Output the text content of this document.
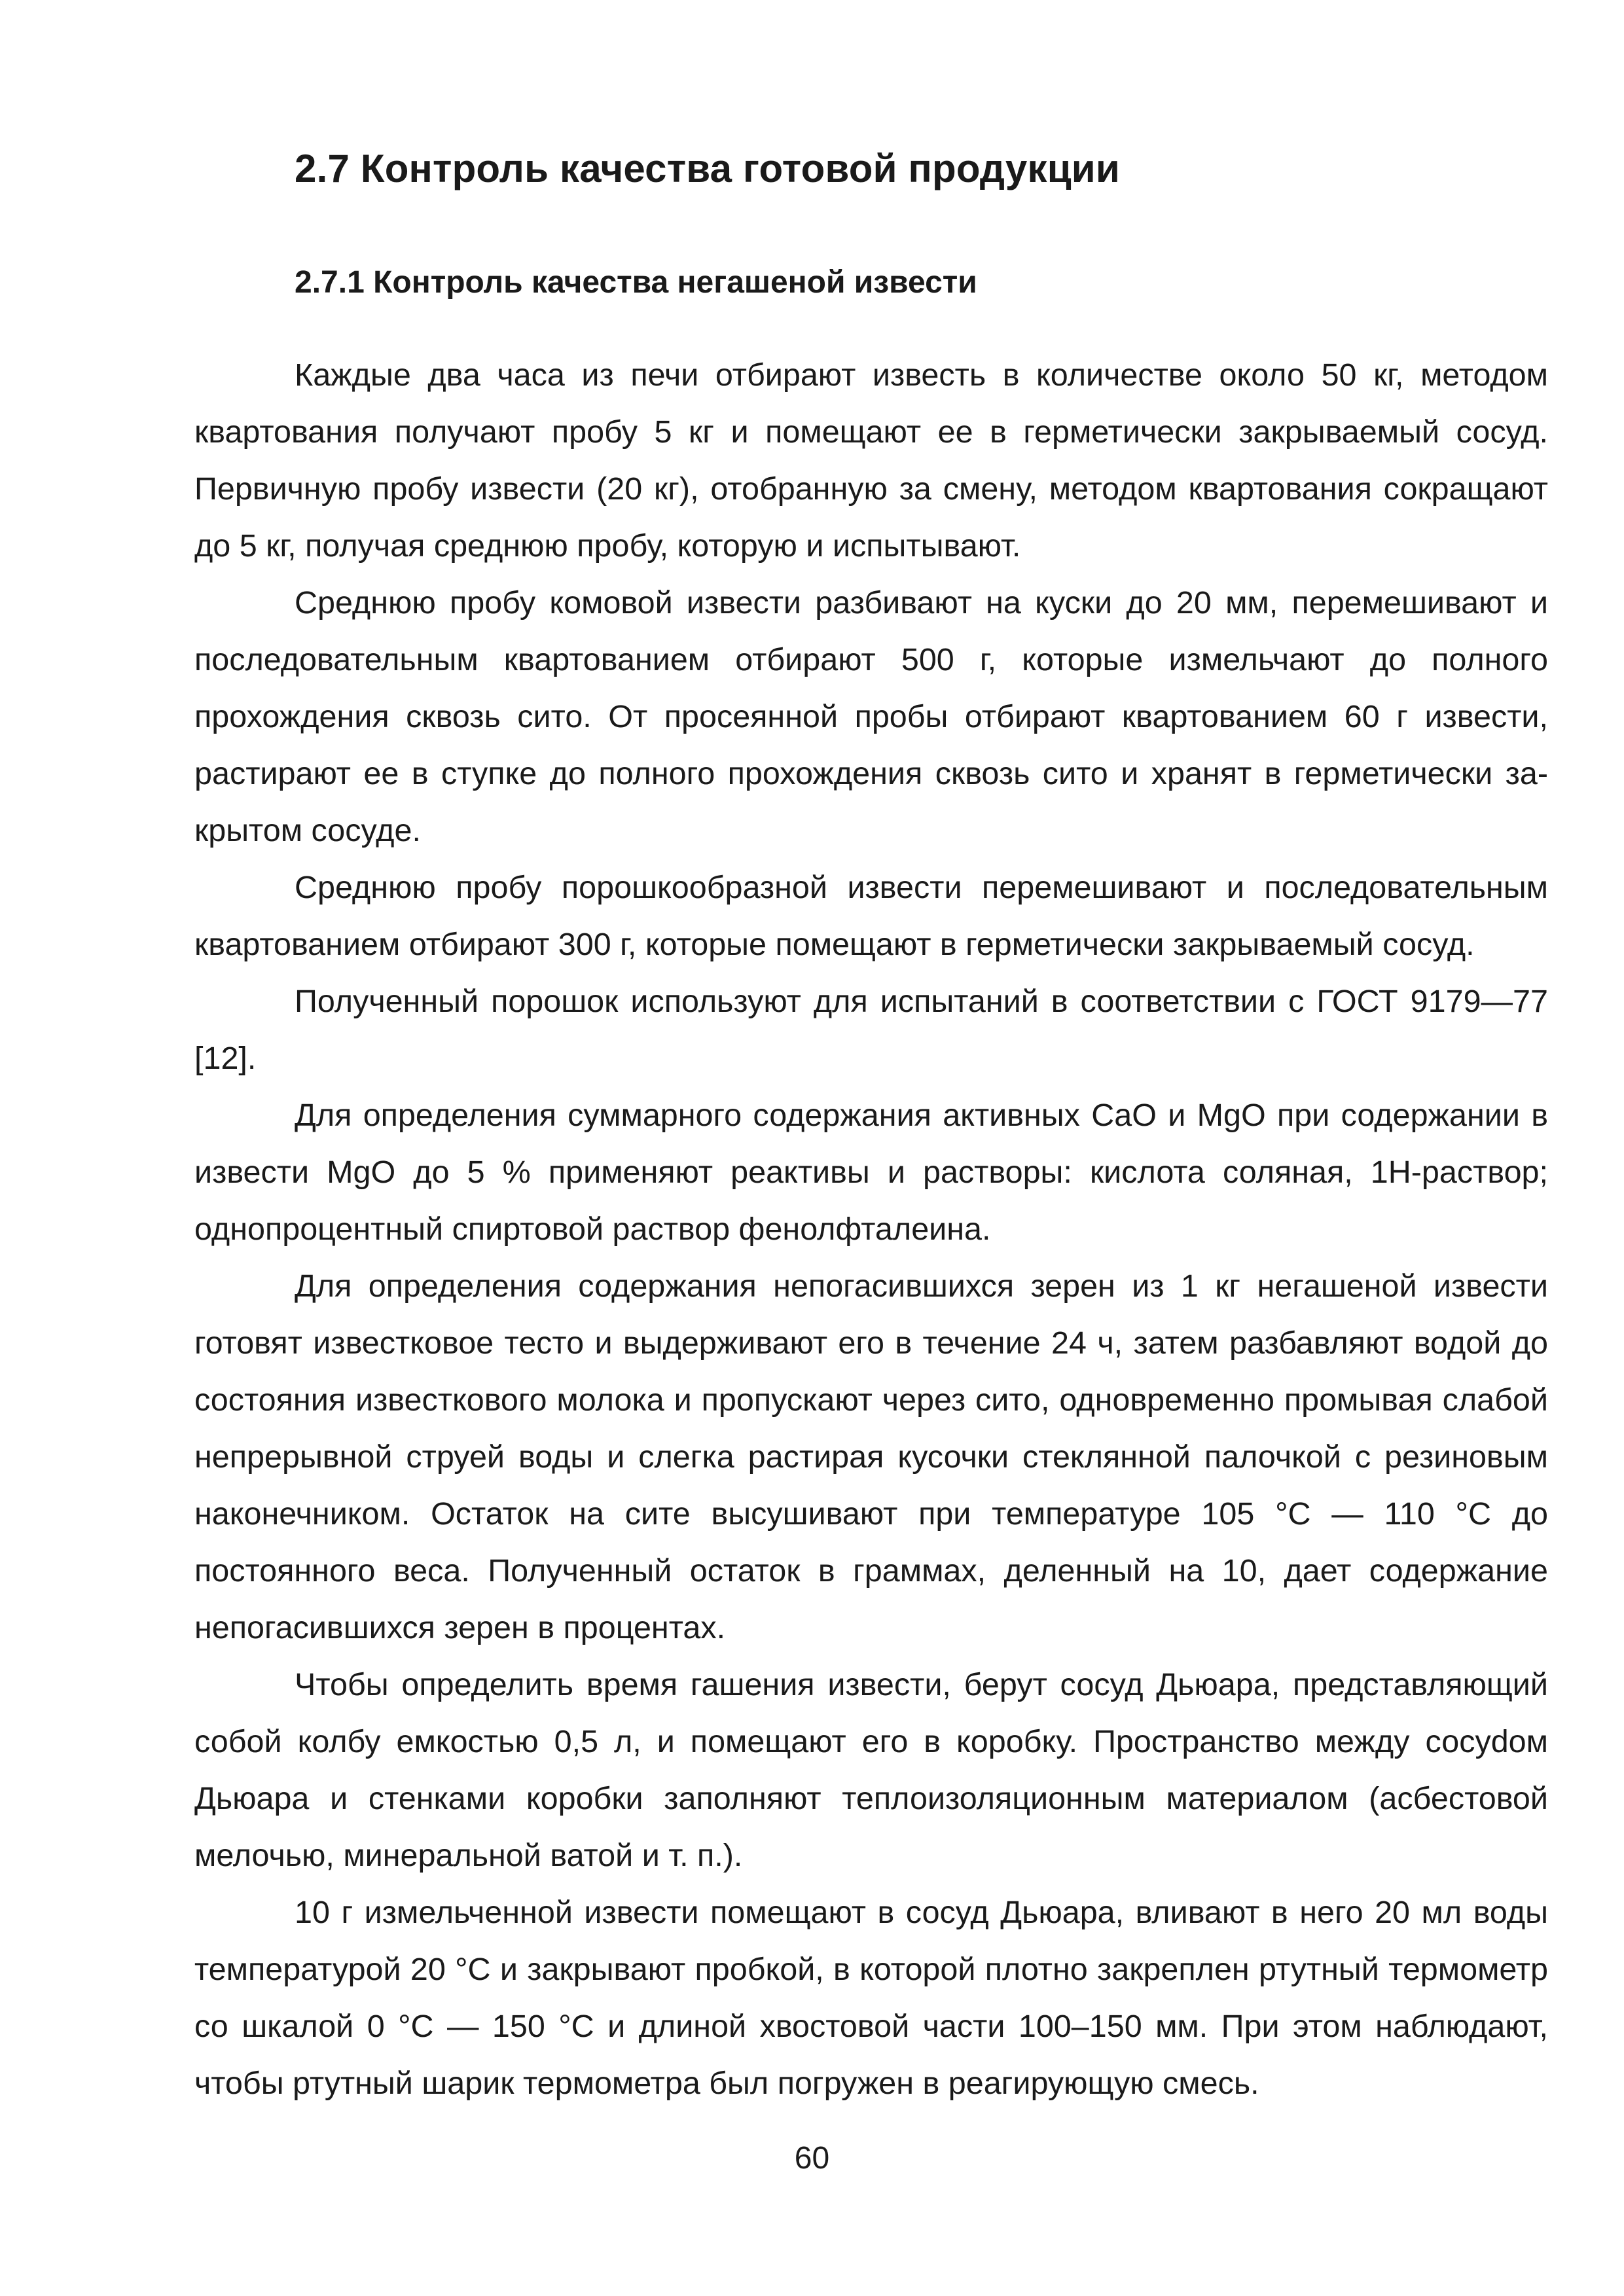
2.7 Контроль качества готовой продукции
2.7.1 Контроль качества негашеной извести

Каждые два часа из печи отбирают известь в количестве около 50 кг, методом квартования получают пробу 5 кг и помещают ее в герметически закрываемый сосуд. Первичную пробу извести (20 кг), отобранную за смену, методом квартования сокращают до 5 кг, получая среднюю пробу, которую и испытывают.

Среднюю пробу комовой извести разбивают на куски до 20 мм, перемешивают и последовательным квартованием отбирают 500 г, которые измельчают до полного прохождения сквозь сито. От просеянной пробы отбирают квартованием 60 г извести, растирают ее в ступке до полного прохождения сквозь сито и хранят в герметически закрытом сосуде.

Среднюю пробу порошкообразной извести перемешивают и последовательным квартованием отбирают 300 г, которые помещают в герметически закрываемый сосуд.

Полученный порошок используют для испытаний в соответствии с ГОСТ 9179—77 [12].

Для определения суммарного содержания активных CaO и MgO при содержании в извести MgO до 5 % применяют реактивы и растворы: кислота соляная, 1Н-раствор; однопроцентный спиртовой раствор фенолфталеина.

Для определения содержания непогасившихся зерен из 1 кг негашеной извести готовят известковое тесто и выдерживают его в течение 24 ч, затем разбавляют водой до состояния известкового молока и пропускают через сито, одновременно промывая слабой непрерывной струей воды и слегка растирая кусочки стеклянной палочкой с резиновым наконечником. Остаток на сите высушивают при температуре 105 °С — 110 °С до постоянного веса. Полученный остаток в граммах, деленный на 10, дает содержание непогасившихся зерен в процентах.

Чтобы определить время гашения извести, берут сосуд Дьюара, представляющий собой колбу емкостью 0,5 л, и помещают его в коробку. Пространство между сосуdом Дьюара и стенками коробки заполняют теплоизоляционным материалом (асбестовой мелочью, минеральной ватой и т. п.).

10 г измельченной извести помещают в сосуд Дьюара, вливают в него 20 мл воды температурой 20 °С и закрывают пробкой, в которой плотно закреплен ртутный термометр со шкалой 0 °С — 150 °С и длиной хвостовой части 100–150 мм. При этом наблюдают, чтобы ртутный шарик термометра был погружен в реагирующую смесь.

60
